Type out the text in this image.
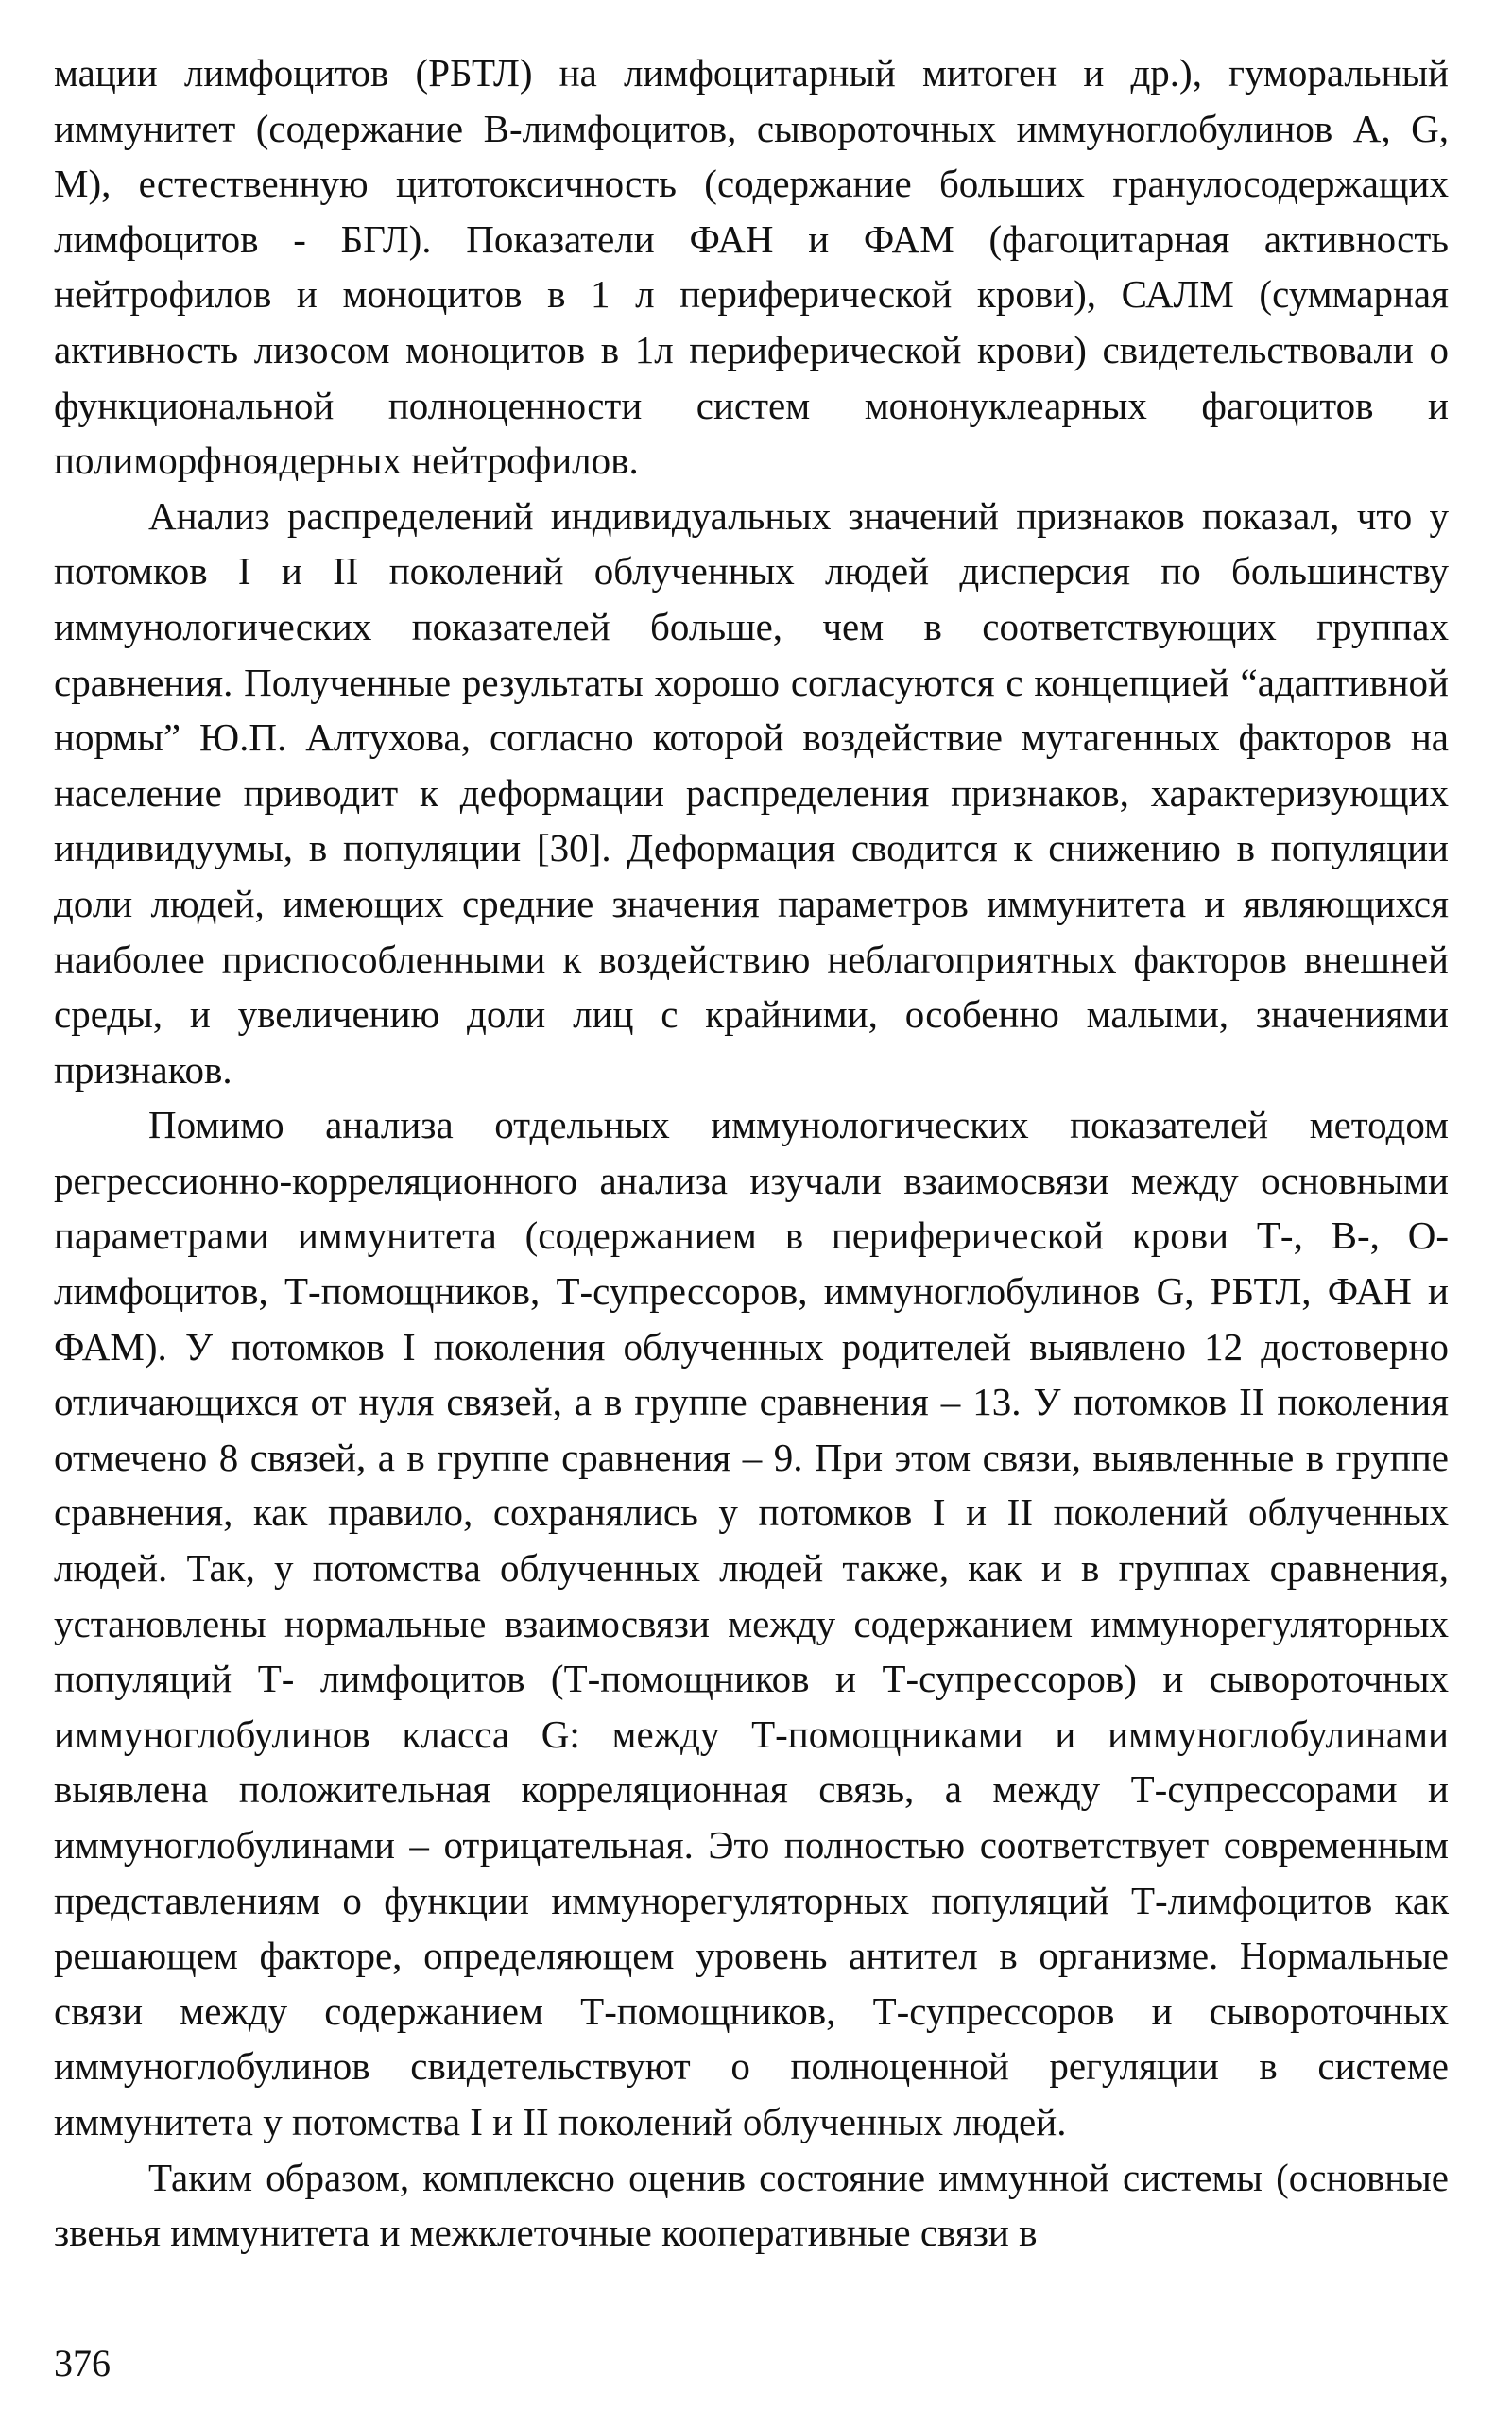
мации лимфоцитов (РБТЛ) на лимфоцитарный митоген и др.), гуморальный иммунитет (содержание В-лимфоцитов, сывороточных иммуноглобулинов A, G, M), естественную цитотоксичность (содержание больших гранулосодержащих лимфоцитов - БГЛ). Показатели ФАН и ФАМ (фагоцитарная активность нейтрофилов и моноцитов в 1 л периферической крови), САЛМ (суммарная активность лизосом моноцитов в 1л периферической крови) свидетельствовали о функциональной полноценности систем мононуклеарных фагоцитов и полиморфноядерных нейтрофилов.

Анализ распределений индивидуальных значений признаков показал, что у потомков I и II поколений облученных людей дисперсия по большинству иммунологических показателей больше, чем в соответствующих группах сравнения. Полученные результаты хорошо согласуются с концепцией “адаптивной нормы” Ю.П. Алтухова, согласно которой воздействие мутагенных факторов на население приводит к деформации распределения признаков, характеризующих индивидуумы, в популяции [30]. Деформация сводится к снижению в популяции доли людей, имеющих средние значения параметров иммунитета и являющихся наиболее приспособленными к воздействию неблагоприятных факторов внешней среды, и увеличению доли лиц с крайними, особенно малыми, значениями признаков.

Помимо анализа отдельных иммунологических показателей методом регрессионно-корреляционного анализа изучали взаимосвязи между основными параметрами иммунитета (содержанием в периферической крови Т-, В-, О-лимфоцитов, Т-помощников, Т-супрессоров, иммуноглобулинов G, РБТЛ, ФАН и ФАМ). У потомков I поколения облученных родителей выявлено 12 достоверно отличающихся от нуля связей, а в группе сравнения – 13. У потомков II поколения отмечено 8 связей, а в группе сравнения – 9. При этом связи, выявленные в группе сравнения, как правило, сохранялись у потомков I и II поколений облученных людей. Так, у потомства облученных людей также, как и в группах сравнения, установлены нормальные взаимосвязи между содержанием иммунорегуляторных популяций Т- лимфоцитов (Т-помощников и Т-супрессоров) и сывороточных иммуноглобулинов класса G: между Т-помощниками и иммуноглобулинами выявлена положительная корреляционная связь, а между Т-супрессорами и иммуноглобулинами – отрицательная. Это полностью соответствует современным представлениям о функции иммунорегуляторных популяций Т-лимфоцитов как решающем факторе, определяющем уровень антител в организме. Нормальные связи между содержанием Т-помощников, Т-супрессоров и сывороточных иммуноглобулинов свидетельствуют о полноценной регуляции в системе иммунитета у потомства I и II поколений облученных людей.

Таким образом, комплексно оценив состояние иммунной системы (основные звенья иммунитета и межклеточные кооперативные связи в

376
